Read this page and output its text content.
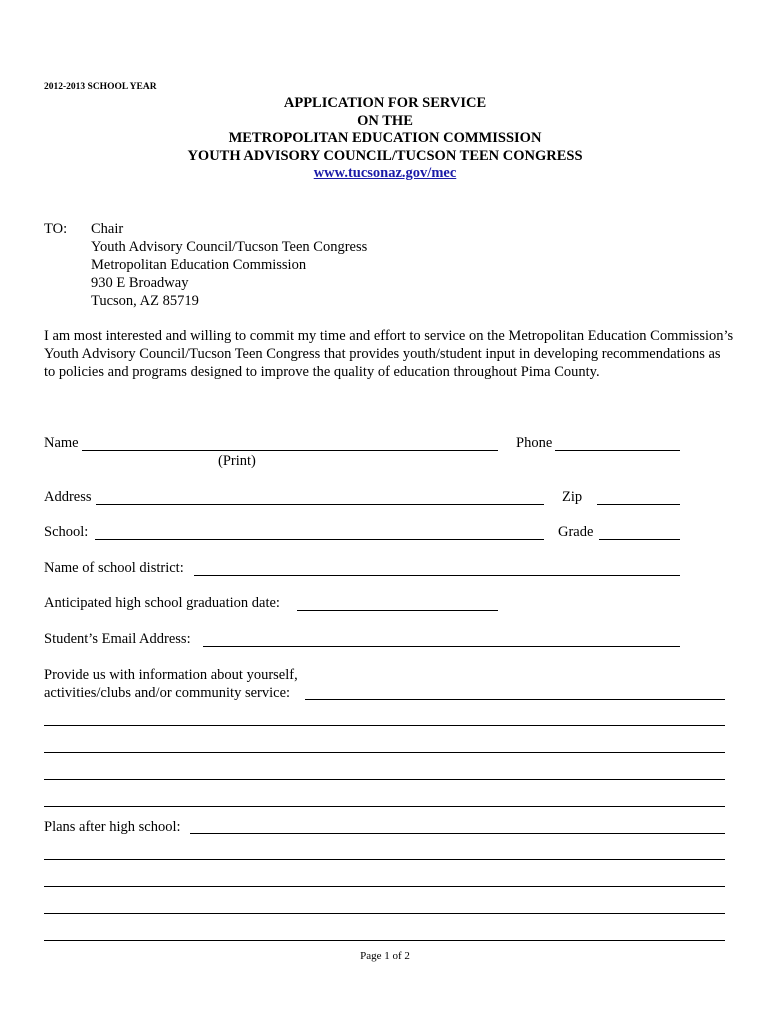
2012-2013 SCHOOL YEAR
APPLICATION FOR SERVICE
ON THE
METROPOLITAN EDUCATION COMMISSION
YOUTH ADVISORY COUNCIL/TUCSON TEEN CONGRESS
www.tucsonaz.gov/mec
TO: Chair
Youth Advisory Council/Tucson Teen Congress
Metropolitan Education Commission
930 E Broadway
Tucson, AZ 85719
I am most interested and willing to commit my time and effort to service on the Metropolitan Education Commission’s Youth Advisory Council/Tucson Teen Congress that provides youth/student input in developing recommendations as to policies and programs designed to improve the quality of education throughout Pima County.
Name	Phone
(Print)
Address	Zip
School:	Grade
Name of school district:
Anticipated high school graduation date:
Student’s Email Address:
Provide us with information about yourself,
activities/clubs and/or community service:
Plans after high school:
Page 1 of 2
